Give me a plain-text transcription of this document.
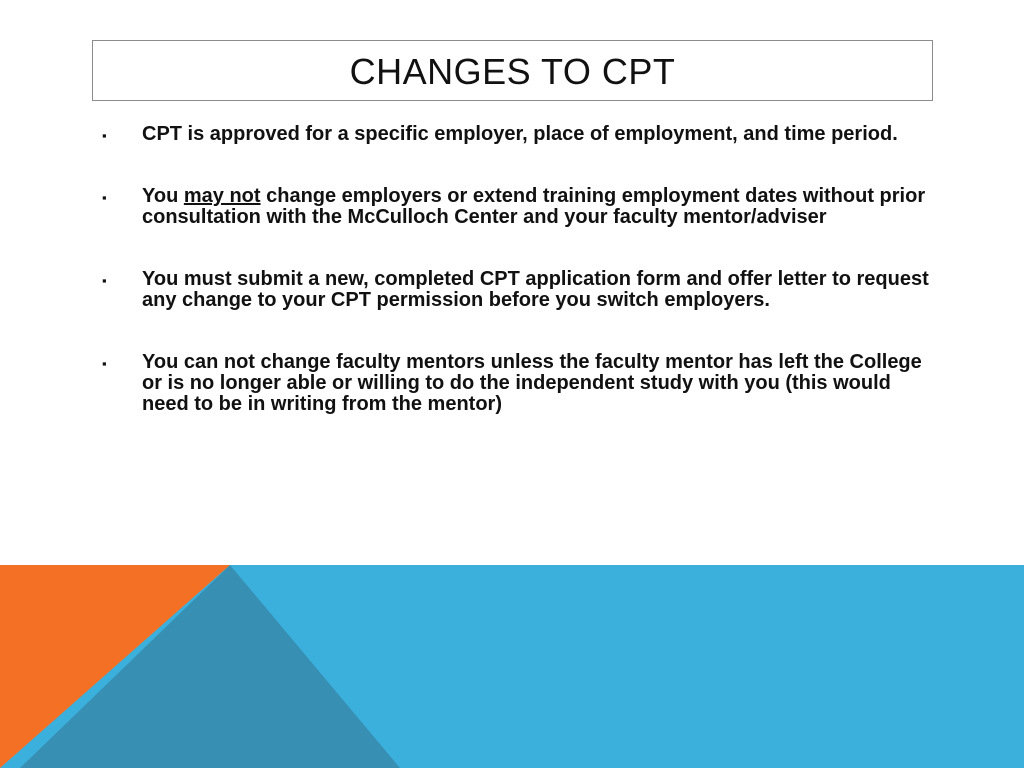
CHANGES TO CPT
▪ CPT is approved for a specific employer, place of employment, and time period.
▪ You may not change employers or extend training employment dates without prior consultation with the McCulloch Center and your faculty mentor/adviser
▪ You must submit a new, completed CPT application form and offer letter to request any change to your CPT permission before you switch employers.
▪ You can not change faculty mentors unless the faculty mentor has left the College or is no longer able or willing to do the independent study with you (this would need to be in writing from the mentor)
